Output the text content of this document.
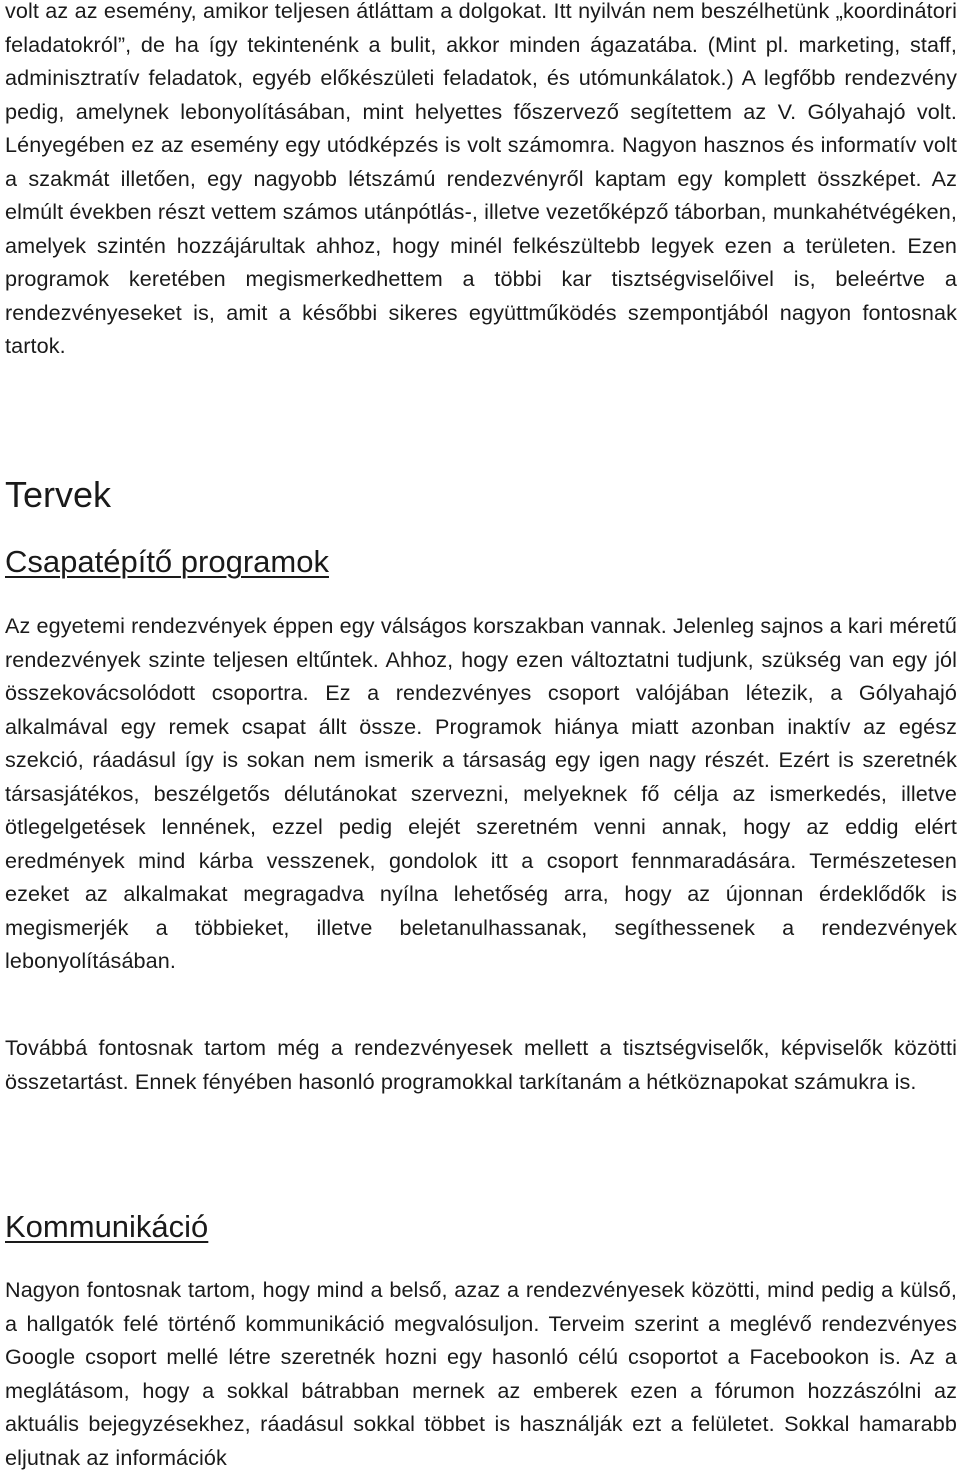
volt az az esemény, amikor teljesen átláttam a dolgokat. Itt nyilván nem beszélhetünk „koordinátori feladatokról”, de ha így tekintenénk a bulit, akkor minden ágazatába. (Mint pl. marketing, staff, adminisztratív feladatok, egyéb előkészületi feladatok, és utómunkálatok.) A legfőbb rendezvény pedig, amelynek lebonyolításában, mint helyettes főszervező segítettem az V. Gólyahajó volt. Lényegében ez az esemény egy utódképzés is volt számomra. Nagyon hasznos és informatív volt a szakmát illetően, egy nagyobb létszámú rendezvényről kaptam egy komplett összképet. Az elmúlt években részt vettem számos utánpótlás-, illetve vezetőképző táborban, munkahétvégéken, amelyek szintén hozzájárultak ahhoz, hogy minél felkészültebb legyek ezen a területen. Ezen programok keretében megismerkedhettem a többi kar tisztségviselőivel is, beleértve a rendezvényeseket is, amit a későbbi sikeres együttműködés szempontjából nagyon fontosnak tartok.

Tervek
Csapatépítő programok

Az egyetemi rendezvények éppen egy válságos korszakban vannak. Jelenleg sajnos a kari méretű rendezvények szinte teljesen eltűntek. Ahhoz, hogy ezen változtatni tudjunk, szükség van egy jól összekovácsolódott csoportra. Ez a rendezvényes csoport valójában létezik, a Gólyahajó alkalmával egy remek csapat állt össze. Programok hiánya miatt azonban inaktív az egész szekció, ráadásul így is sokan nem ismerik a társaság egy igen nagy részét. Ezért is szeretnék társasjátékos, beszélgetős délutánokat szervezni, melyeknek fő célja az ismerkedés, illetve ötlegelgetések lennének, ezzel pedig elejét szeretném venni annak, hogy az eddig elért eredmények mind kárba vesszenek, gondolok itt a csoport fennmaradására. Természetesen ezeket az alkalmakat megragadva nyílna lehetőség arra, hogy az újonnan érdeklődők is megismerjék a többieket, illetve beletanulhassanak, segíthessenek a rendezvények lebonyolításában.

Továbbá fontosnak tartom még a rendezvényesek mellett a tisztségviselők, képviselők közötti összetartást. Ennek fényében hasonló programokkal tarkítanám a hétköznapokat számukra is.

Kommunikáció

Nagyon fontosnak tartom, hogy mind a belső, azaz a rendezvényesek közötti, mind pedig a külső, a hallgatók felé történő kommunikáció megvalósuljon. Terveim szerint a meglévő rendezvényes Google csoport mellé létre szeretnék hozni egy hasonló célú csoportot a Facebookon is. Az a meglátásom, hogy a sokkal bátrabban mernek az emberek ezen a fórumon hozzászólni az aktuális bejegyzésekhez, ráadásul sokkal többet is használják ezt a felületet. Sokkal hamarabb eljutnak az információk
